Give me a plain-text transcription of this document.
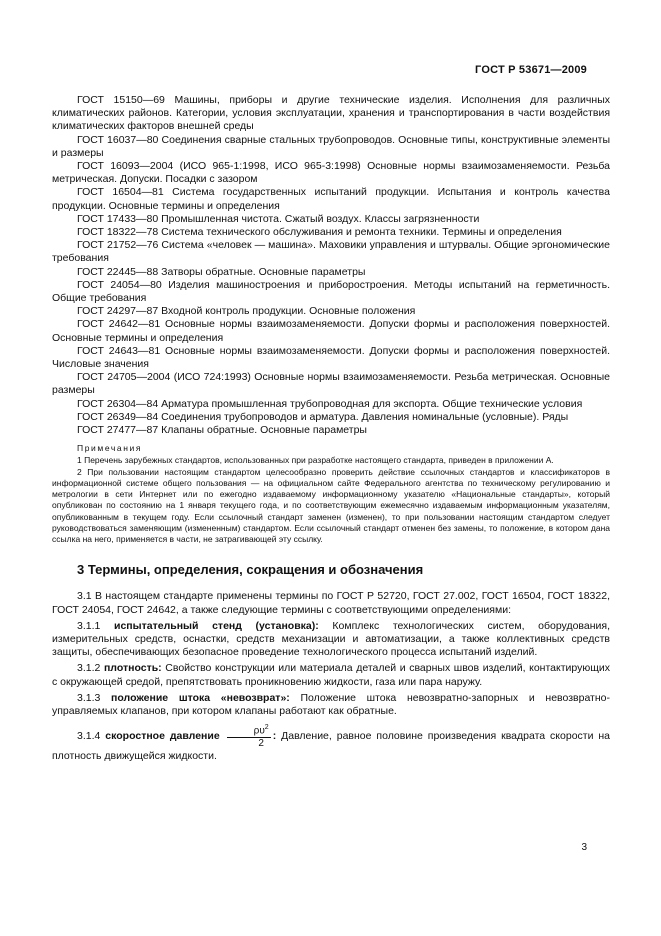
ГОСТ Р 53671—2009

ГОСТ 15150—69 Машины, приборы и другие технические изделия. Исполнения для различных климатических районов. Категории, условия эксплуатации, хранения и транспортирования в части воздействия климатических факторов внешней среды

ГОСТ 16037—80 Соединения сварные стальных трубопроводов. Основные типы, конструктивные элементы и размеры

ГОСТ 16093—2004 (ИСО 965-1:1998, ИСО 965-3:1998) Основные нормы взаимозаменяемости. Резьба метрическая. Допуски. Посадки с зазором

ГОСТ 16504—81 Система государственных испытаний продукции. Испытания и контроль качества продукции. Основные термины и определения

ГОСТ 17433—80 Промышленная чистота. Сжатый воздух. Классы загрязненности

ГОСТ 18322—78 Система технического обслуживания и ремонта техники. Термины и определения

ГОСТ 21752—76 Система «человек — машина». Маховики управления и штурвалы. Общие эргономические требования

ГОСТ 22445—88 Затворы обратные. Основные параметры

ГОСТ 24054—80 Изделия машиностроения и приборостроения. Методы испытаний на герметичность. Общие требования

ГОСТ 24297—87 Входной контроль продукции. Основные положения

ГОСТ 24642—81 Основные нормы взаимозаменяемости. Допуски формы и расположения поверхностей. Основные термины и определения

ГОСТ 24643—81 Основные нормы взаимозаменяемости. Допуски формы и расположения поверхностей. Числовые значения

ГОСТ 24705—2004 (ИСО 724:1993) Основные нормы взаимозаменяемости. Резьба метрическая. Основные размеры

ГОСТ 26304—84 Арматура промышленная трубопроводная для экспорта. Общие технические условия

ГОСТ 26349—84 Соединения трубопроводов и арматура. Давления номинальные (условные). Ряды

ГОСТ 27477—87 Клапаны обратные. Основные параметры

Примечания

1 Перечень зарубежных стандартов, использованных при разработке настоящего стандарта, приведен в приложении А.

2 При пользовании настоящим стандартом целесообразно проверить действие ссылочных стандартов и классификаторов в информационной системе общего пользования — на официальном сайте Федерального агентства по техническому регулированию и метрологии в сети Интернет или по ежегодно издаваемому информационному указателю «Национальные стандарты», который опубликован по состоянию на 1 января текущего года, и по соответствующим ежемесячно издаваемым информационным указателям, опубликованным в текущем году. Если ссылочный стандарт заменен (изменен), то при пользовании настоящим стандартом следует руководствоваться заменяющим (измененным) стандартом. Если ссылочный стандарт отменен без замены, то положение, в котором дана ссылка на него, применяется в части, не затрагивающей эту ссылку.

3 Термины, определения, сокращения и обозначения

3.1 В настоящем стандарте применены термины по ГОСТ Р 52720, ГОСТ 27.002, ГОСТ 16504, ГОСТ 18322, ГОСТ 24054, ГОСТ 24642, а также следующие термины с соответствующими определениями:

3.1.1 испытательный стенд (установка): Комплекс технологических систем, оборудования, измерительных средств, оснастки, средств механизации и автоматизации, а также коллективных средств защиты, обеспечивающих безопасное проведение технологического процесса испытаний изделий.

3.1.2 плотность: Свойство конструкции или материала деталей и сварных швов изделий, контактирующих с окружающей средой, препятствовать проникновению жидкости, газа или пара наружу.

3.1.3 положение штока «невозврат»: Положение штока невозвратно-запорных и невозвратно-управляемых клапанов, при котором клапаны работают как обратные.

3.1.4 скоростное давление $\frac{\rho\upsilon^2}{2}$ : Давление, равное половине произведения квадрата скорости на плотность движущейся жидкости.

3
